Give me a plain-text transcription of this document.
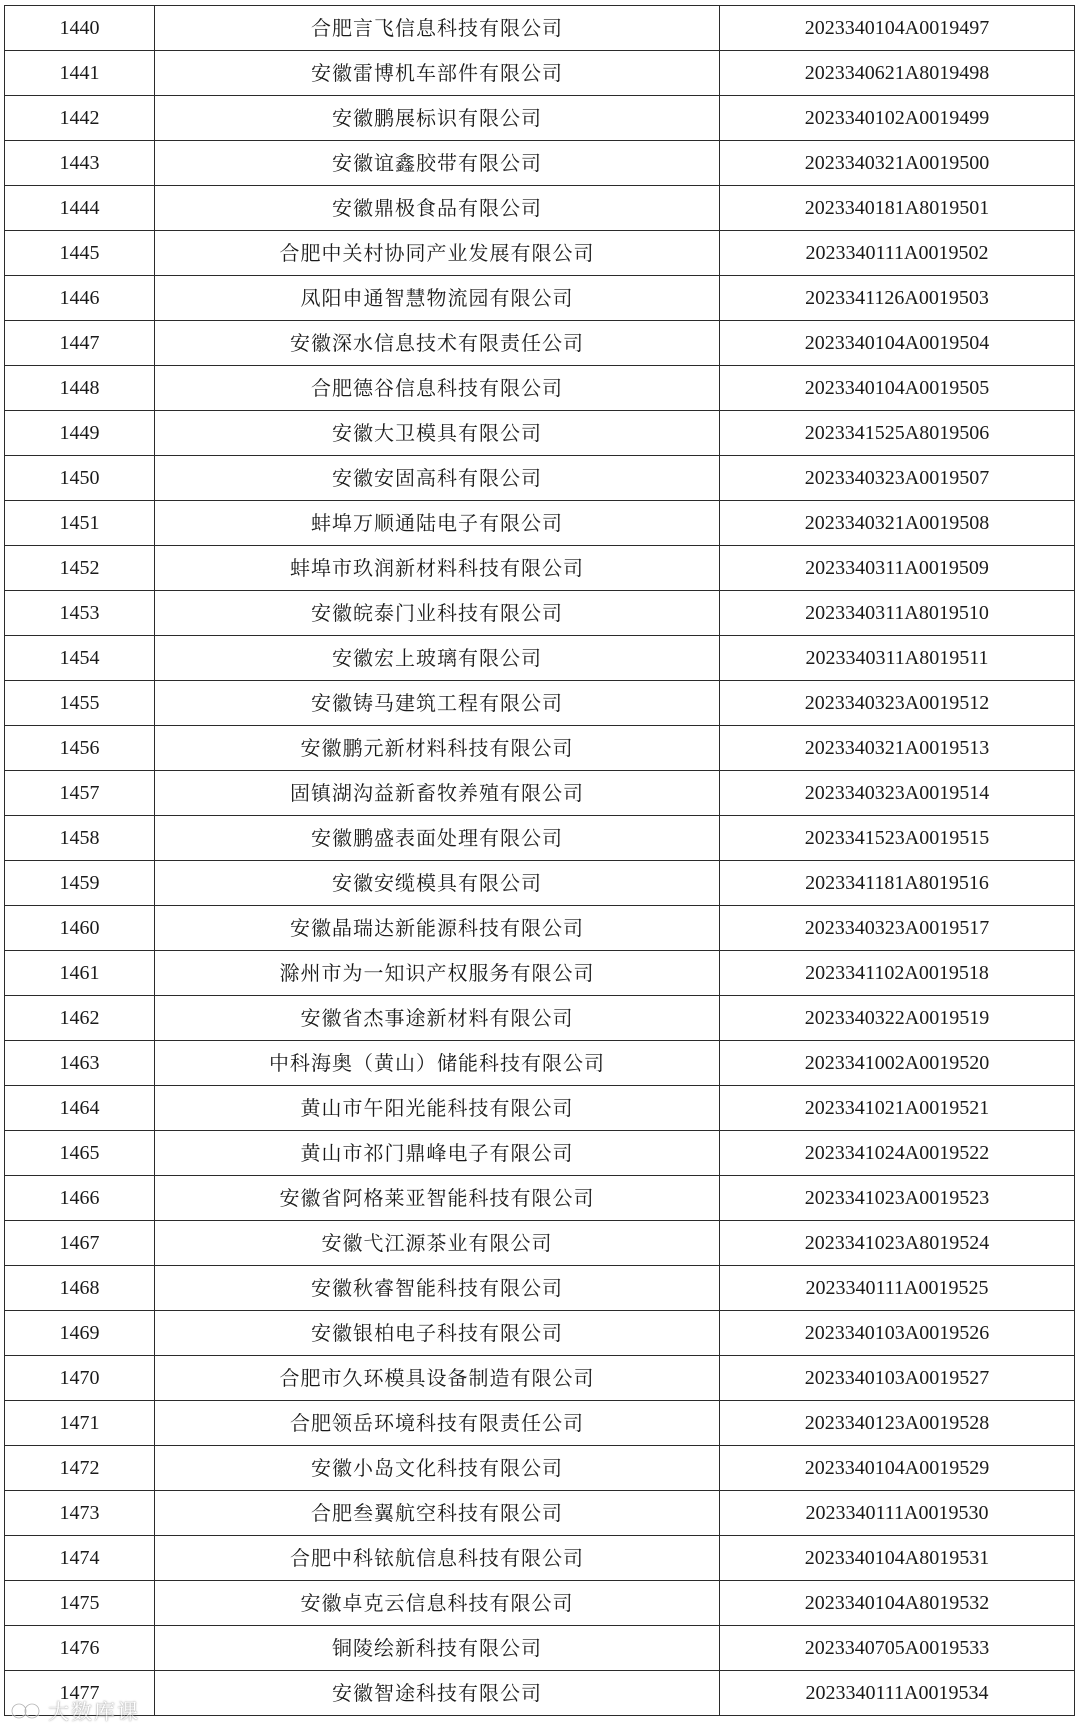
1440	合肥言飞信息科技有限公司	2023340104A0019497
1441	安徽雷博机车部件有限公司	2023340621A8019498
1442	安徽鹏展标识有限公司	2023340102A0019499
1443	安徽谊鑫胶带有限公司	2023340321A0019500
1444	安徽鼎极食品有限公司	2023340181A8019501
1445	合肥中关村协同产业发展有限公司	2023340111A0019502
1446	凤阳申通智慧物流园有限公司	2023341126A0019503
1447	安徽深水信息技术有限责任公司	2023340104A0019504
1448	合肥德谷信息科技有限公司	2023340104A0019505
1449	安徽大卫模具有限公司	2023341525A8019506
1450	安徽安固高科有限公司	2023340323A0019507
1451	蚌埠万顺通陆电子有限公司	2023340321A0019508
1452	蚌埠市玖润新材料科技有限公司	2023340311A0019509
1453	安徽皖泰门业科技有限公司	2023340311A8019510
1454	安徽宏上玻璃有限公司	2023340311A8019511
1455	安徽铸马建筑工程有限公司	2023340323A0019512
1456	安徽鹏元新材料科技有限公司	2023340321A0019513
1457	固镇湖沟益新畜牧养殖有限公司	2023340323A0019514
1458	安徽鹏盛表面处理有限公司	2023341523A0019515
1459	安徽安缆模具有限公司	2023341181A8019516
1460	安徽晶瑞达新能源科技有限公司	2023340323A0019517
1461	滁州市为一知识产权服务有限公司	2023341102A0019518
1462	安徽省杰事途新材料有限公司	2023340322A0019519
1463	中科海奥（黄山）储能科技有限公司	2023341002A0019520
1464	黄山市午阳光能科技有限公司	2023341021A0019521
1465	黄山市祁门鼎峰电子有限公司	2023341024A0019522
1466	安徽省阿格莱亚智能科技有限公司	2023341023A0019523
1467	安徽弋江源茶业有限公司	2023341023A8019524
1468	安徽秋睿智能科技有限公司	2023340111A0019525
1469	安徽银柏电子科技有限公司	2023340103A0019526
1470	合肥市久环模具设备制造有限公司	2023340103A0019527
1471	合肥领岳环境科技有限责任公司	2023340123A0019528
1472	安徽小岛文化科技有限公司	2023340104A0019529
1473	合肥叁翼航空科技有限公司	2023340111A0019530
1474	合肥中科铱航信息科技有限公司	2023340104A8019531
1475	安徽卓克云信息科技有限公司	2023340104A8019532
1476	铜陵绘新科技有限公司	2023340705A0019533
1477	安徽智途科技有限公司	2023340111A0019534
大数库课
